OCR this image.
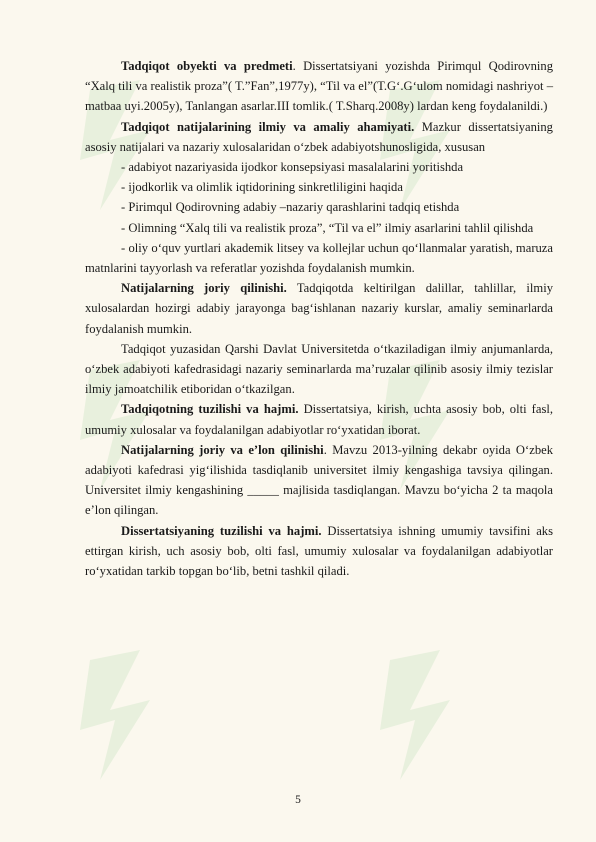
Tadqiqot obyekti va predmeti. Dissertatsiyani yozishda Pirimqul Qodirovning “Xalq tili va realistik proza”( T.”Fan”,1977y), “Til va el”(T.G‘.G‘ulom nomidagi nashriyot –matbaa uyi.2005y), Tanlangan asarlar.III tomlik.( T.Sharq.2008y) lardan keng foydalanildi.)

Tadqiqot natijalarining ilmiy va amaliy ahamiyati. Mazkur dissertatsiyaning asosiy natijalari va nazariy xulosalaridan o‘zbek adabiyotshunosligida, xususan

- adabiyot nazariyasida ijodkor konsepsiyasi masalalarini yoritishda

- ijodkorlik va olimlik iqtidorining sinkretliligini haqida

- Pirimqul Qodirovning adabiy –nazariy qarashlarini tadqiq etishda

- Olimning “Xalq tili va realistik proza”, “Til va el” ilmiy asarlarini tahlil qilishda

- oliy o‘quv yurtlari akademik litsey va kollejlar uchun qo‘llanmalar yaratish, maruza matnlarini tayyorlash va referatlar yozishda foydalanish mumkin.

Natijalarning joriy qilinishi. Tadqiqotda keltirilgan dalillar, tahlillar, ilmiy xulosalardan hozirgi adabiy jarayonga bag‘ishlanan nazariy kurslar, amaliy seminarlarda foydalanish mumkin.

Tadqiqot yuzasidan Qarshi Davlat Universitetda o‘tkaziladigan ilmiy anjumanlarda, o‘zbek adabiyoti kafedrasidagi nazariy seminarlarda ma’ruzalar qilinib asosiy ilmiy tezislar ilmiy jamoatchilik etiboridan o‘tkazilgan.

Tadqiqotning tuzilishi va hajmi. Dissertatsiya, kirish, uchta asosiy bob, olti fasl, umumiy xulosalar va foydalanilgan adabiyotlar ro‘yxatidan iborat.

Natijalarning joriy va e’lon qilinishi. Mavzu 2013-yilning dekabr oyida O‘zbek adabiyoti kafedrasi yig‘ilishida tasdiqlanib universitet ilmiy kengashiga tavsiya qilingan. Universitet ilmiy kengashining _____ majlisida tasdiqlangan. Mavzu bo‘yicha 2 ta maqola e’lon qilingan.

Dissertatsiyaning tuzilishi va hajmi. Dissertatsiya ishning umumiy tavsifini aks ettirgan kirish, uch asosiy bob, olti fasl, umumiy xulosalar va foydalanilgan adabiyotlar ro‘yxatidan tarkib topgan bo‘lib, betni tashkil qiladi.

5
